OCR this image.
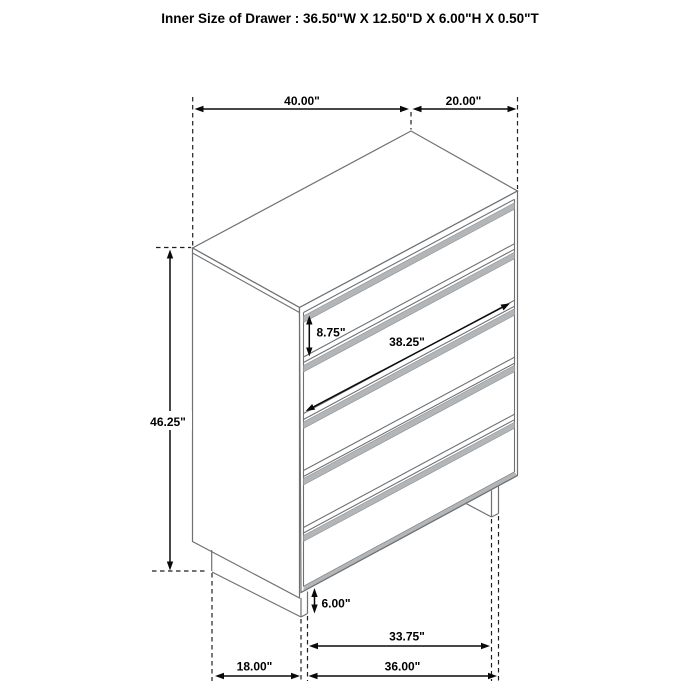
40.00"	20.00"
46.25"
8.75"
38.25"
6.00"
33.75"
36.00"
18.00"
Inner Size of Drawer : 36.50"W X 12.50"D X 6.00"H X 0.50"T
